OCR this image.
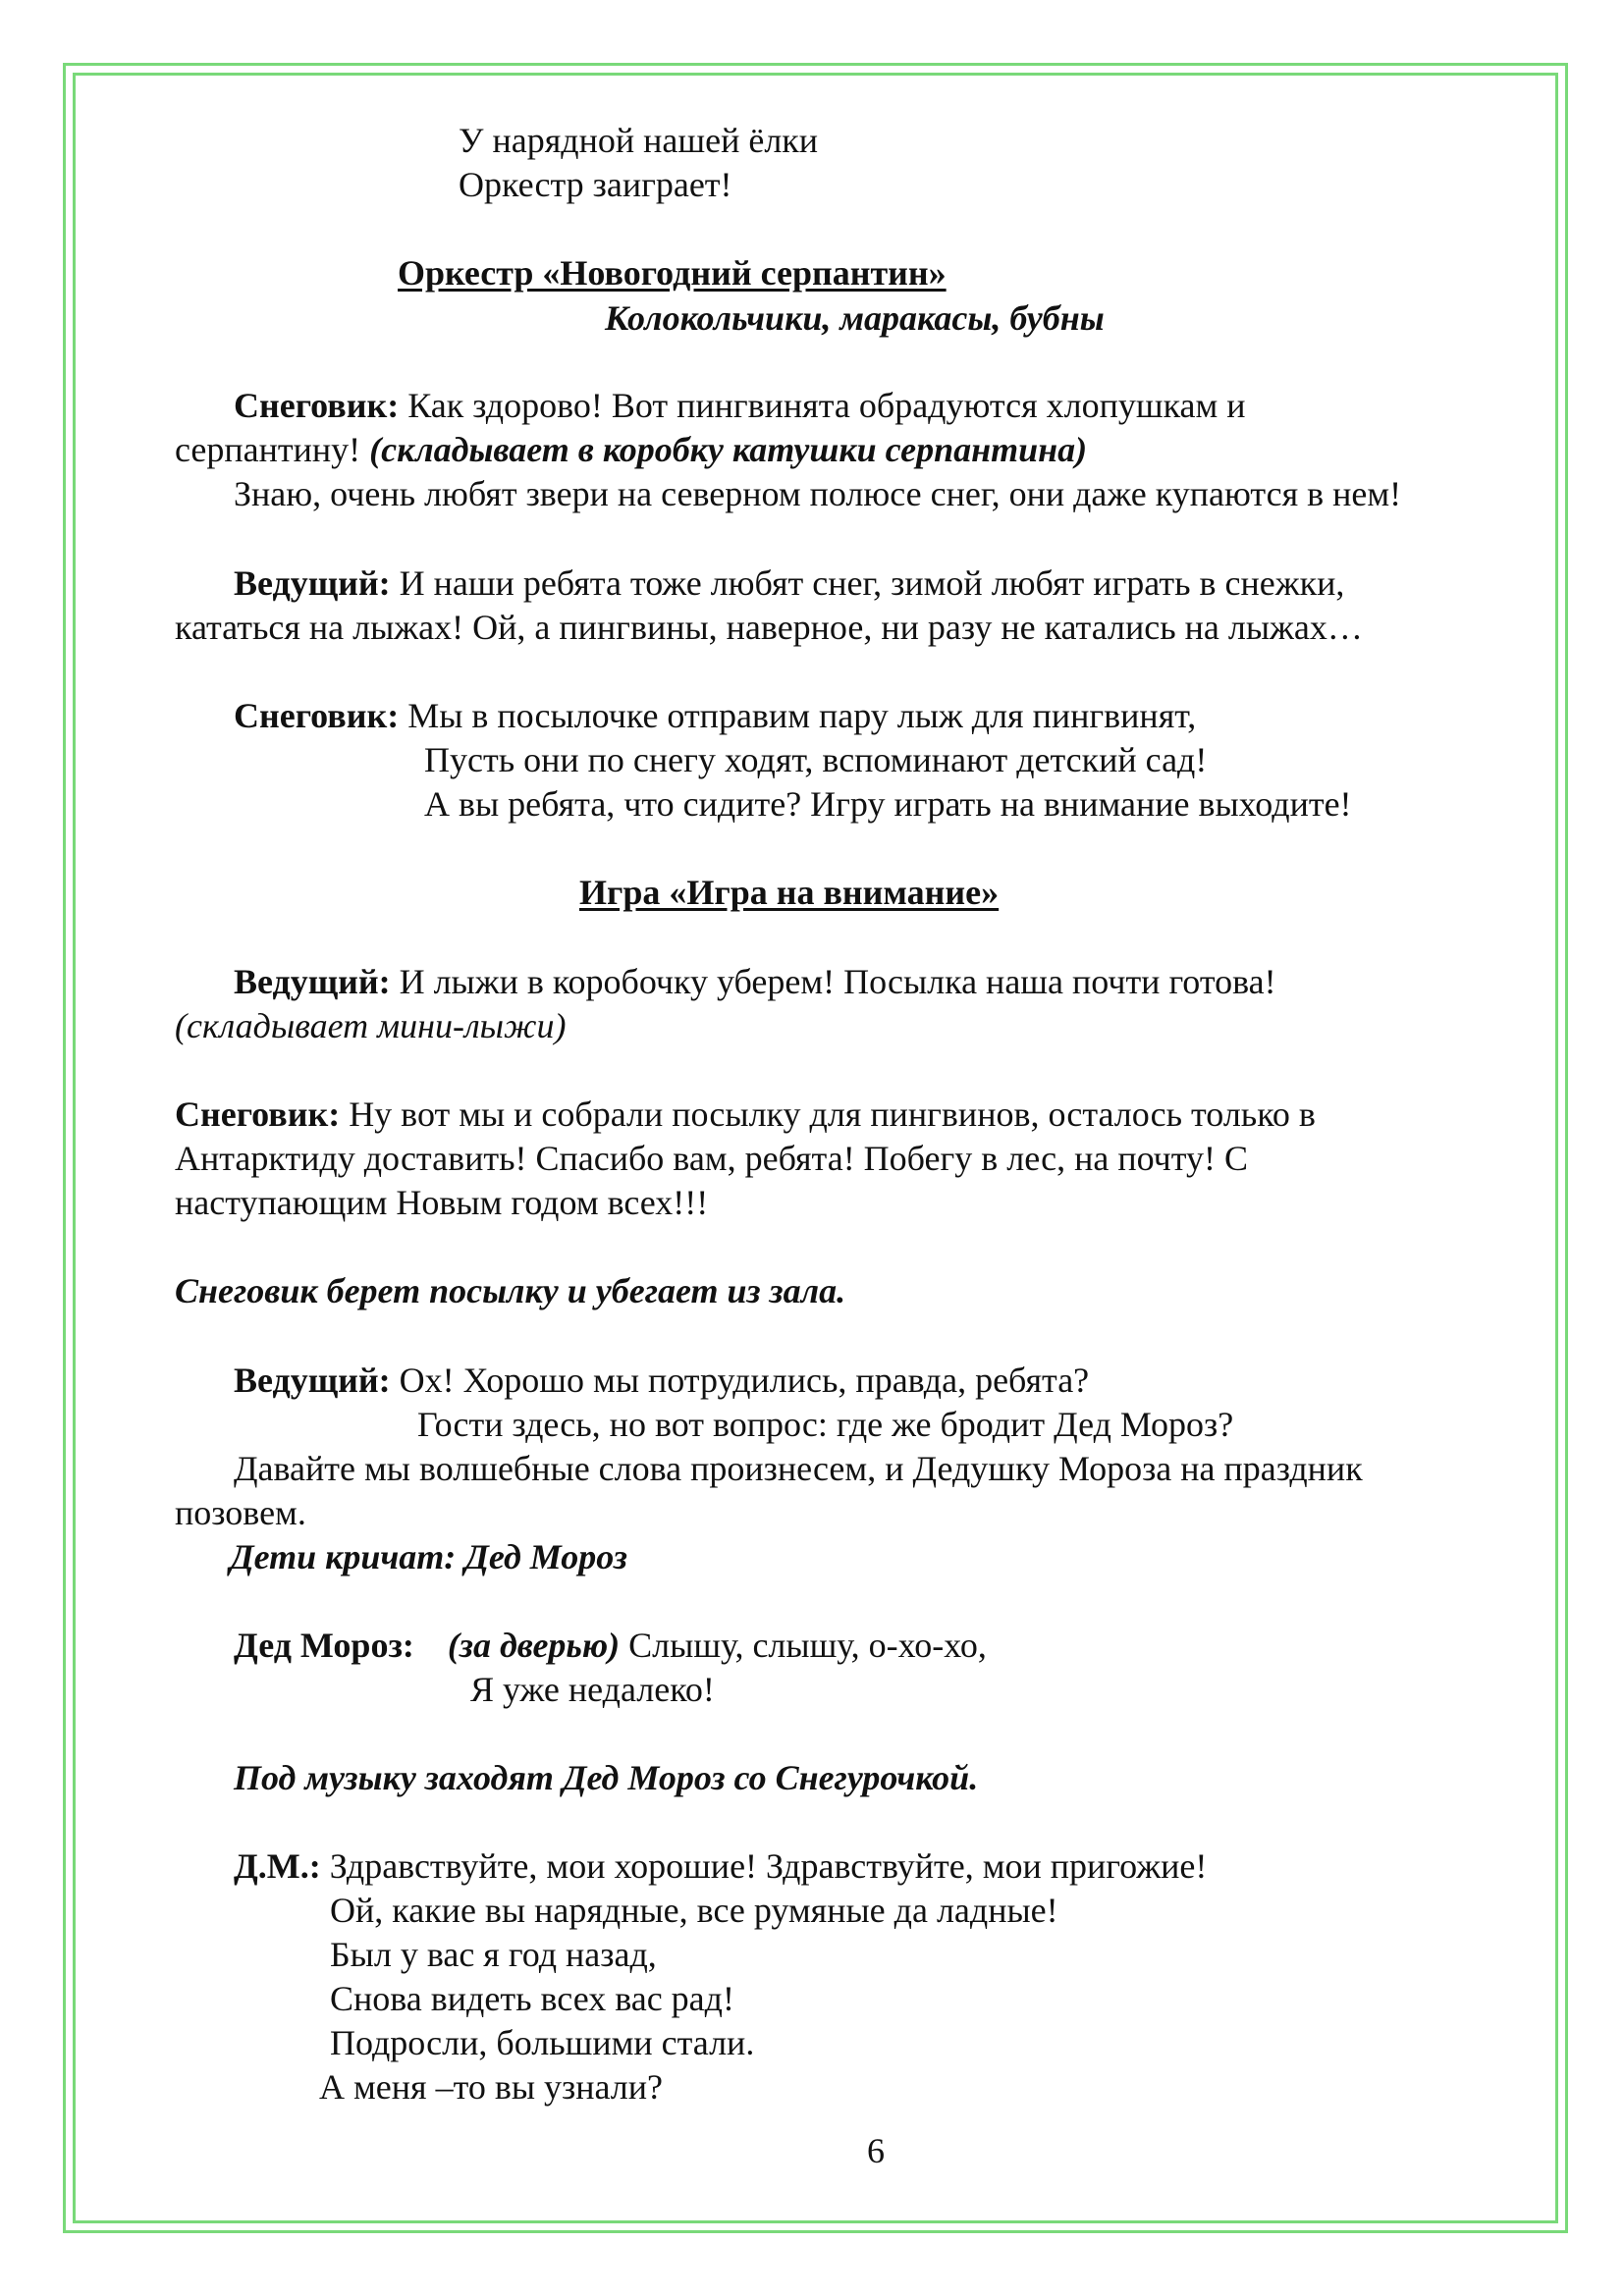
У нарядной нашей ёлки
Оркестр заиграет!
Оркестр «Новогодний серпантин»
Колокольчики, маракасы, бубны
Снеговик: Как здорово! Вот пингвинята обрадуются хлопушкам и
серпантину! (складывает в коробку катушки серпантина)
Знаю, очень любят звери на северном полюсе снег, они даже купаются в нем!
Ведущий: И наши ребята тоже любят снег, зимой любят играть в снежки,
кататься на лыжах! Ой, а пингвины, наверное, ни разу не катались на лыжах…
Снеговик: Мы в посылочке отправим пару лыж для пингвинят,
Пусть они по снегу ходят, вспоминают детский сад!
А вы ребята, что сидите? Игру играть на внимание выходите!
Игра «Игра на внимание»
Ведущий: И лыжи в коробочку уберем! Посылка наша почти готова!
(складывает мини-лыжи)
Снеговик: Ну вот мы и собрали посылку для пингвинов, осталось только в
Антарктиду доставить! Спасибо вам, ребята! Побегу в лес, на почту! С
наступающим Новым годом всех!!!
Снеговик берет посылку и убегает из зала.
Ведущий: Ох! Хорошо мы потрудились, правда, ребята?
Гости здесь, но вот вопрос: где же бродит Дед Мороз?
Давайте мы волшебные слова произнесем, и Дедушку Мороза на праздник
позовем.
Дети кричат: Дед Мороз
Дед Мороз: (за дверью) Слышу, слышу, о-хо-хо,
Я уже недалеко!
Под музыку заходят Дед Мороз со Снегурочкой.
Д.М.: Здравствуйте, мои хорошие! Здравствуйте, мои пригожие!
Ой, какие вы нарядные, все румяные да ладные!
Был у вас я год назад,
Снова видеть всех вас рад!
Подросли, большими стали.
А меня –то вы узнали?
6
